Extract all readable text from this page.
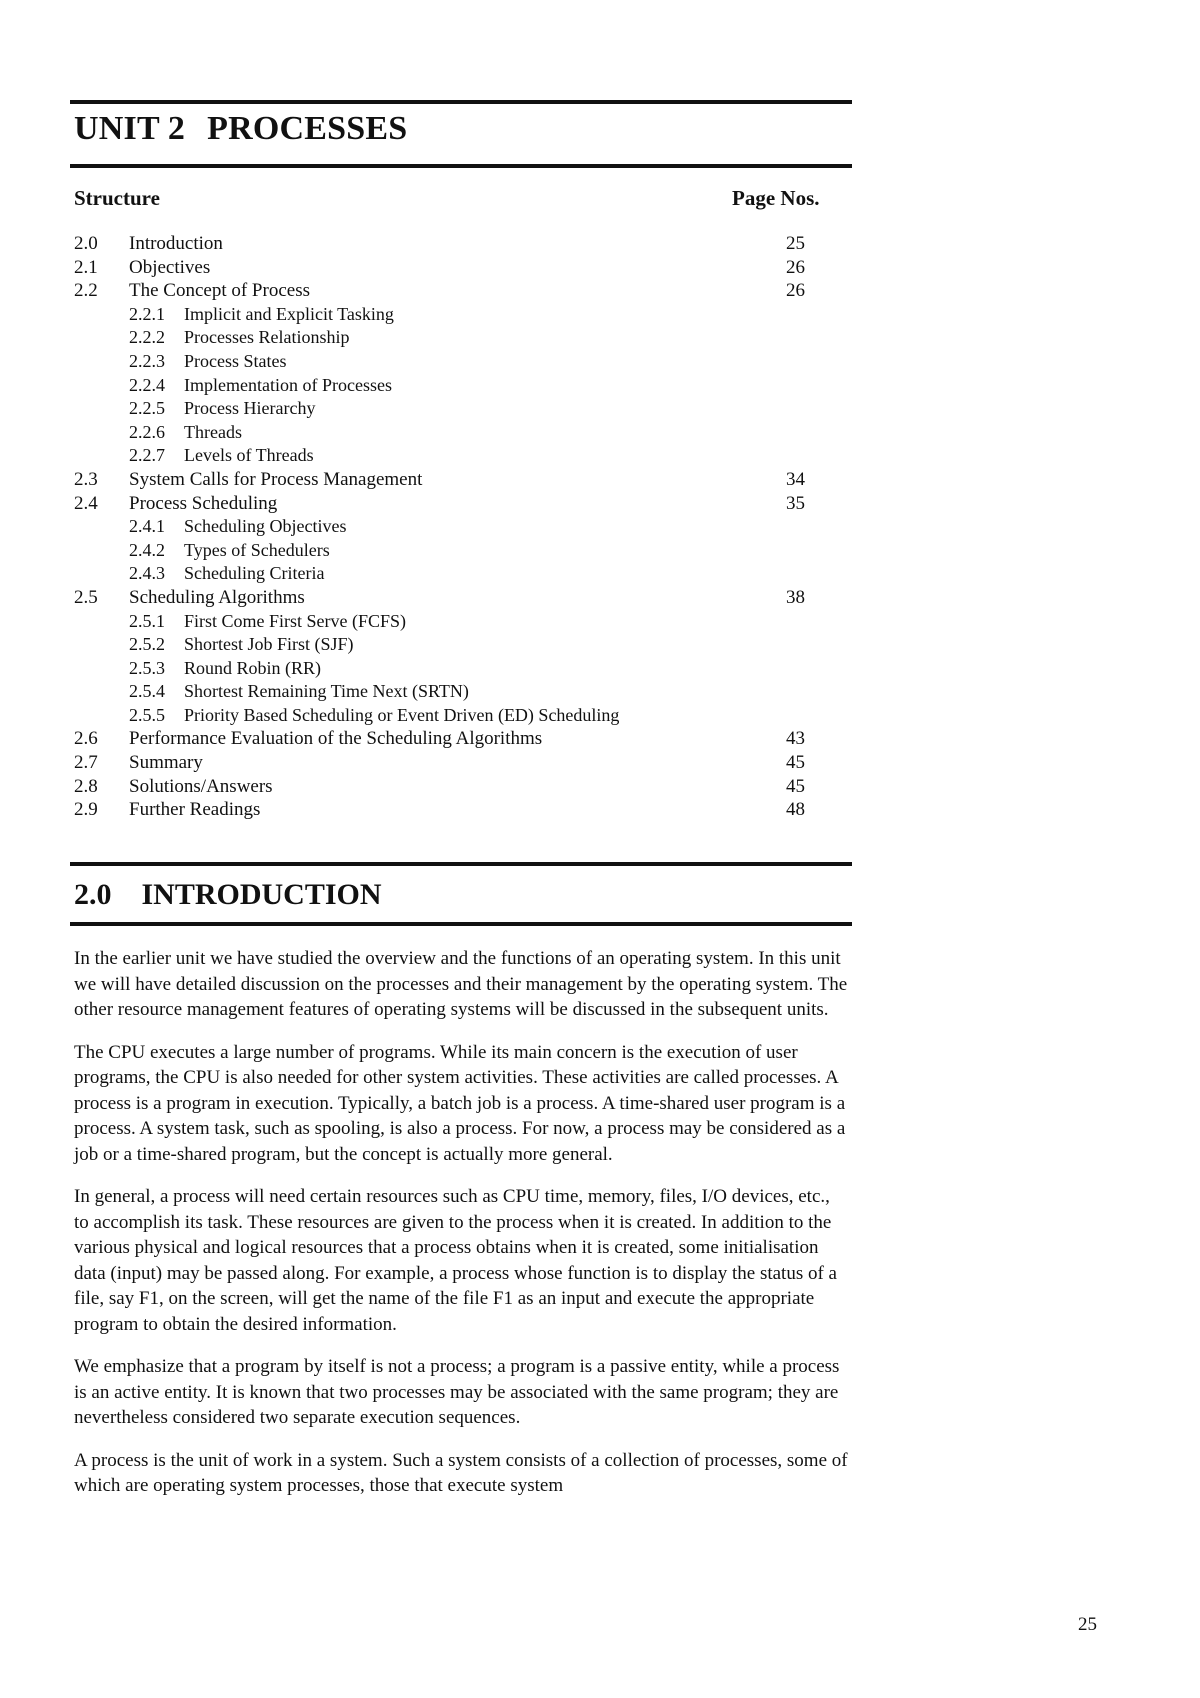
UNIT 2 PROCESSES
Structure	Page Nos.
2.0 Introduction	25
2.1 Objectives	26
2.2 The Concept of Process	26
2.2.1 Implicit and Explicit Tasking
2.2.2 Processes Relationship
2.2.3 Process States
2.2.4 Implementation of Processes
2.2.5 Process Hierarchy
2.2.6 Threads
2.2.7 Levels of Threads
2.3 System Calls for Process Management	34
2.4 Process Scheduling	35
2.4.1 Scheduling Objectives
2.4.2 Types of Schedulers
2.4.3 Scheduling Criteria
2.5 Scheduling Algorithms	38
2.5.1 First Come First Serve (FCFS)
2.5.2 Shortest Job First (SJF)
2.5.3 Round Robin (RR)
2.5.4 Shortest Remaining Time Next (SRTN)
2.5.5 Priority Based Scheduling or Event Driven (ED) Scheduling
2.6 Performance Evaluation of the Scheduling Algorithms	43
2.7 Summary	45
2.8 Solutions/Answers	45
2.9 Further Readings	48
2.0 INTRODUCTION

In the earlier unit we have studied the overview and the functions of an operating system. In this unit we will have detailed discussion on the processes and their management by the operating system. The other resource management features of operating systems will be discussed in the subsequent units.

The CPU executes a large number of programs. While its main concern is the execution of user programs, the CPU is also needed for other system activities. These activities are called processes. A process is a program in execution. Typically, a batch job is a process. A time-shared user program is a process. A system task, such as spooling, is also a process. For now, a process may be considered as a job or a time-shared program, but the concept is actually more general.

In general, a process will need certain resources such as CPU time, memory, files, I/O devices, etc., to accomplish its task. These resources are given to the process when it is created. In addition to the various physical and logical resources that a process obtains when it is created, some initialisation data (input) may be passed along. For example, a process whose function is to display the status of a file, say F1, on the screen, will get the name of the file F1 as an input and execute the appropriate program to obtain the desired information.

We emphasize that a program by itself is not a process; a program is a passive entity, while a process is an active entity. It is known that two processes may be associated with the same program; they are nevertheless considered two separate execution sequences.

A process is the unit of work in a system. Such a system consists of a collection of processes, some of which are operating system processes, those that execute system

25
